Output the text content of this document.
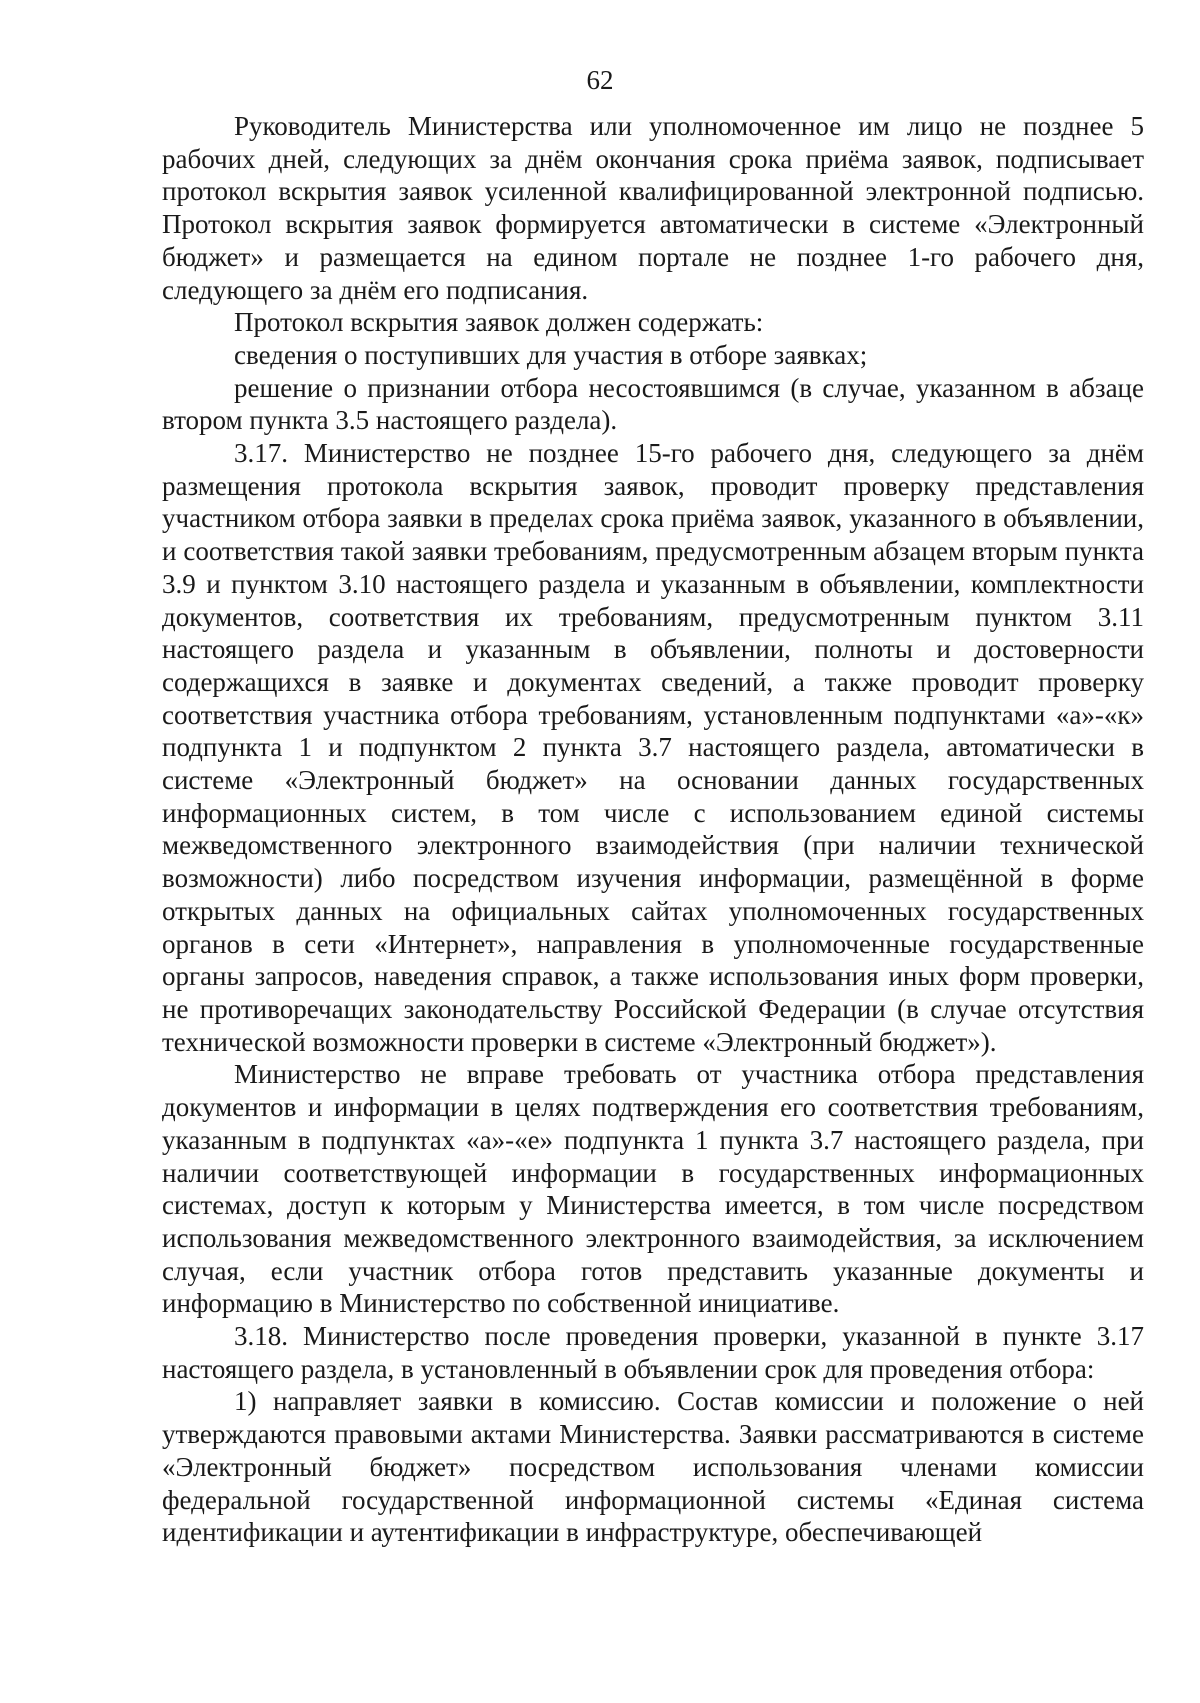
62

Руководитель Министерства или уполномоченное им лицо не позднее 5 рабочих дней, следующих за днём окончания срока приёма заявок, подписывает протокол вскрытия заявок усиленной квалифицированной электронной подписью. Протокол вскрытия заявок формируется автоматически в системе «Электронный бюджет» и размещается на едином портале не позднее 1-го рабочего дня, следующего за днём его подписания.

Протокол вскрытия заявок должен содержать:

сведения о поступивших для участия в отборе заявках;

решение о признании отбора несостоявшимся (в случае, указанном в абзаце втором пункта 3.5 настоящего раздела).

3.17. Министерство не позднее 15-го рабочего дня, следующего за днём размещения протокола вскрытия заявок, проводит проверку представления участником отбора заявки в пределах срока приёма заявок, указанного в объявлении, и соответствия такой заявки требованиям, предусмотренным абзацем вторым пункта 3.9 и пунктом 3.10 настоящего раздела и указанным в объявлении, комплектности документов, соответствия их требованиям, предусмотренным пунктом 3.11 настоящего раздела и указанным в объявлении, полноты и достоверности содержащихся в заявке и документах сведений, а также проводит проверку соответствия участника отбора требованиям, установленным подпунктами «а»-«к» подпункта 1 и подпунктом 2 пункта 3.7 настоящего раздела, автоматически в системе «Электронный бюджет» на основании данных государственных информационных систем, в том числе с использованием единой системы межведомственного электронного взаимодействия (при наличии технической возможности) либо посредством изучения информации, размещённой в форме открытых данных на официальных сайтах уполномоченных государственных органов в сети «Интернет», направления в уполномоченные государственные органы запросов, наведения справок, а также использования иных форм проверки, не противоречащих законодательству Российской Федерации (в случае отсутствия технической возможности проверки в системе «Электронный бюджет»).

Министерство не вправе требовать от участника отбора представления документов и информации в целях подтверждения его соответствия требованиям, указанным в подпунктах «а»-«е» подпункта 1 пункта 3.7 настоящего раздела, при наличии соответствующей информации в государственных информационных системах, доступ к которым у Министерства имеется, в том числе посредством использования межведомственного электронного взаимодействия, за исключением случая, если участник отбора готов представить указанные документы и информацию в Министерство по собственной инициативе.

3.18. Министерство после проведения проверки, указанной в пункте 3.17 настоящего раздела, в установленный в объявлении срок для проведения отбора:

1) направляет заявки в комиссию. Состав комиссии и положение о ней утверждаются правовыми актами Министерства. Заявки рассматриваются в системе «Электронный бюджет» посредством использования членами комиссии федеральной государственной информационной системы «Единая система идентификации и аутентификации в инфраструктуре, обеспечивающей
